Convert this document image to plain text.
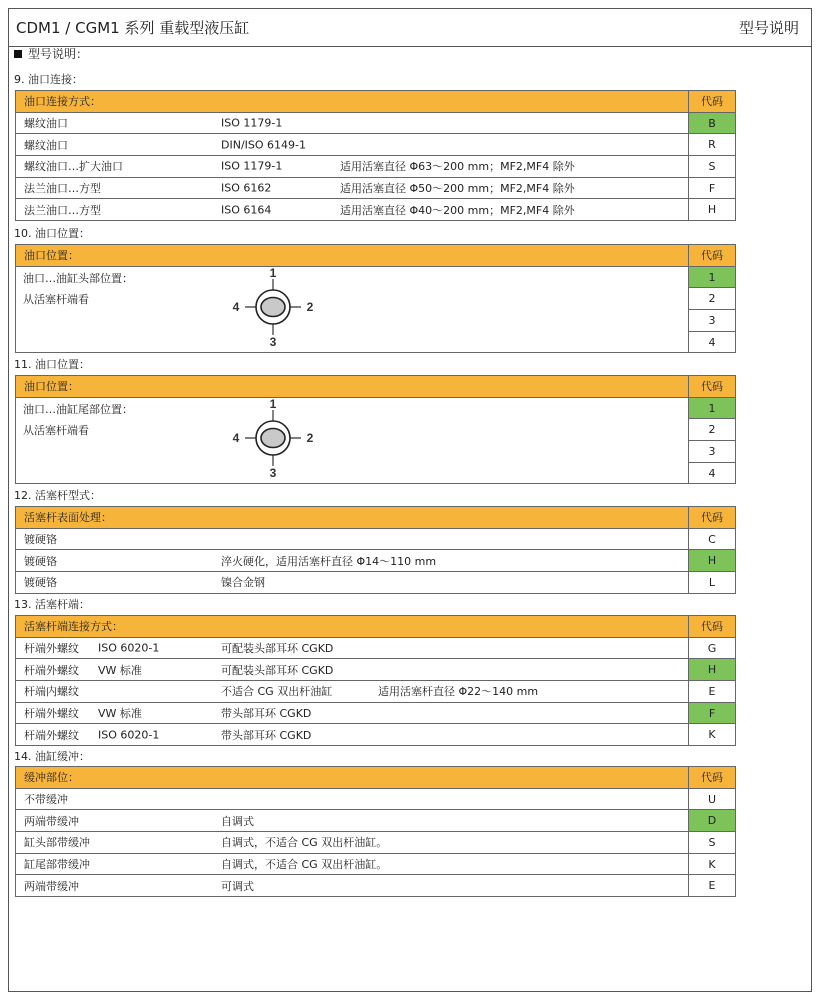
CDM1 / CGM1 系列 重载型液压缸	型号说明
型号说明：
9. 油口连接：
油口连接方式：	代码

螺纹油口 ISO 1179-1	B

螺纹油口 DIN/ISO 6149-1	R

螺纹油口…扩大油口 ISO 1179-1 适用活塞直径 Φ63～200 mm；MF2,MF4 除外	S

法兰油口…方型 ISO 6162 适用活塞直径 Φ50～200 mm；MF2,MF4 除外	F

法兰油口…方型 ISO 6164 适用活塞直径 Φ40～200 mm；MF2,MF4 除外	H
10. 油口位置：
油口位置：	代码
	1

	2

	3

	4
油口…油缸头部位置：
从活塞杆端看
1
2
3
4
11. 油口位置：
油口位置：	代码
	1

	2

	3

	4
油口…油缸尾部位置：
从活塞杆端看
1
2
3
4
12. 活塞杆型式：
活塞杆表面处理：	代码

镀硬铬	C

镀硬铬 淬火硬化，适用活塞杆直径 Φ14～110 mm	H

镀硬铬 镍合金钢	L
13. 活塞杆端：
活塞杆端连接方式：	代码

杆端外螺纹 ISO 6020-1 可配装头部耳环 CGKD	G

杆端外螺纹 VW 标准 可配装头部耳环 CGKD	H

杆端内螺纹 不适合 CG 双出杆油缸 适用活塞杆直径 Φ22～140 mm	E

杆端外螺纹 VW 标准 带头部耳环 CGKD	F

杆端外螺纹 ISO 6020-1 带头部耳环 CGKD	K
14. 油缸缓冲：
缓冲部位：	代码

不带缓冲	U

两端带缓冲 自调式	D

缸头部带缓冲 自调式，不适合 CG 双出杆油缸。	S

缸尾部带缓冲 自调式，不适合 CG 双出杆油缸。	K

两端带缓冲 可调式	E
